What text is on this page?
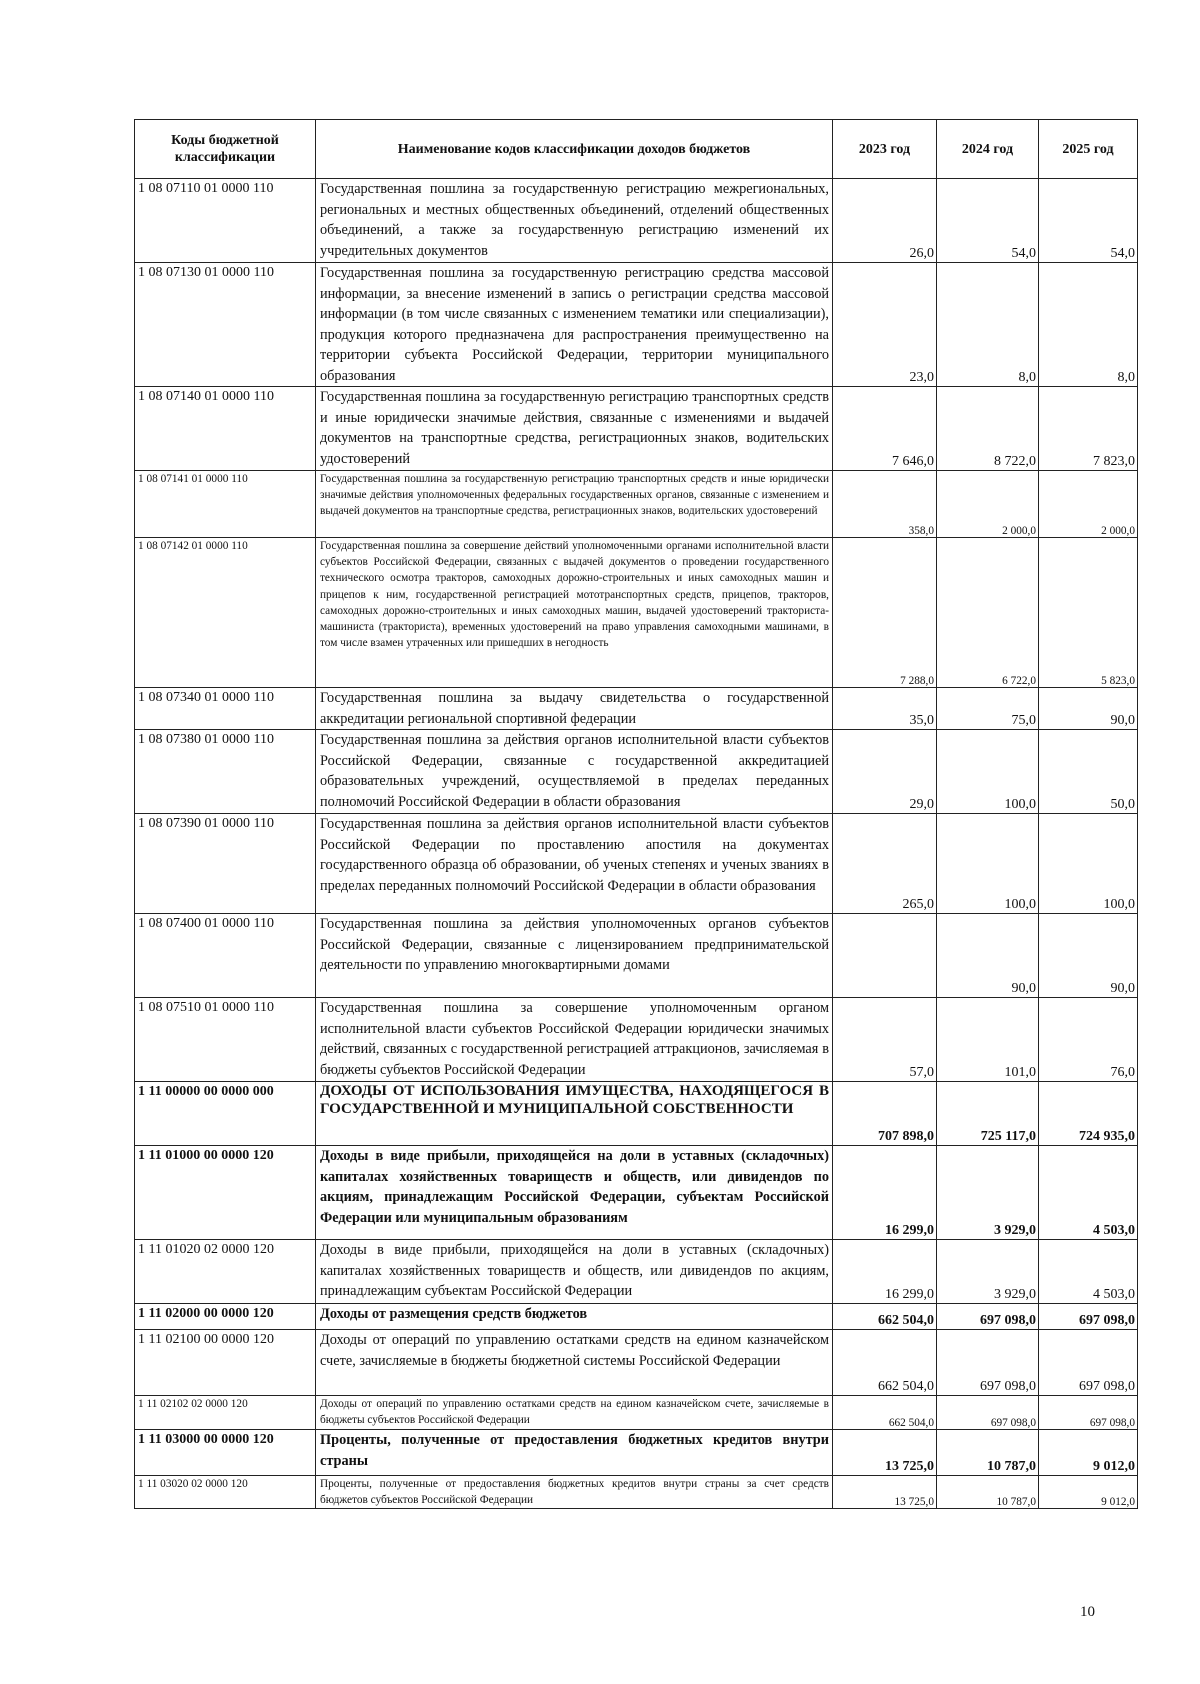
Коды бюджетной классификации	Наименование кодов классификации доходов бюджетов	2023 год	2024 год	2025 год
1 08 07110 01 0000 110	Государственная пошлина за государственную регистрацию межрегиональных, региональных и местных общественных объединений, отделений общественных объединений, а также за государственную регистрацию изменений их учредительных документов	26,0	54,0	54,0
1 08 07130 01 0000 110	Государственная пошлина за государственную регистрацию средства массовой информации, за внесение изменений в запись о регистрации средства массовой информации (в том числе связанных с изменением тематики или специализации), продукция которого предназначена для распространения преимущественно на территории субъекта Российской Федерации, территории муниципального образования	23,0	8,0	8,0
1 08 07140 01 0000 110	Государственная пошлина за государственную регистрацию транспортных средств и иные юридически значимые действия, связанные с изменениями и выдачей документов на транспортные средства, регистрационных знаков, водительских удостоверений	7 646,0	8 722,0	7 823,0
1 08 07141 01 0000 110	Государственная пошлина за государственную регистрацию транспортных средств и иные юридически значимые действия уполномоченных федеральных государственных органов, связанные с изменением и выдачей документов на транспортные средства, регистрационных знаков, водительских удостоверений	358,0	2 000,0	2 000,0
1 08 07142 01 0000 110	Государственная пошлина за совершение действий уполномоченными органами исполнительной власти субъектов Российской Федерации, связанных с выдачей документов о проведении государственного технического осмотра тракторов, самоходных дорожно-строительных и иных самоходных машин и прицепов к ним, государственной регистрацией мототранспортных средств, прицепов, тракторов, самоходных дорожно-строительных и иных самоходных машин, выдачей удостоверений тракториста-машиниста (тракториста), временных удостоверений на право управления самоходными машинами, в том числе взамен утраченных или пришедших в негодность	7 288,0	6 722,0	5 823,0
1 08 07340 01 0000 110	Государственная пошлина за выдачу свидетельства о государственной аккредитации региональной спортивной федерации	35,0	75,0	90,0
1 08 07380 01 0000 110	Государственная пошлина за действия органов исполнительной власти субъектов Российской Федерации, связанные с государственной аккредитацией образовательных учреждений, осуществляемой в пределах переданных полномочий Российской Федерации в области образования	29,0	100,0	50,0
1 08 07390 01 0000 110	Государственная пошлина за действия органов исполнительной власти субъектов Российской Федерации по проставлению апостиля на документах государственного образца об образовании, об ученых степенях и ученых званиях в пределах переданных полномочий Российской Федерации в области образования	265,0	100,0	100,0
1 08 07400 01 0000 110	Государственная пошлина за действия уполномоченных органов субъектов Российской Федерации, связанные с лицензированием предпринимательской деятельности по управлению многоквартирными домами		90,0	90,0
1 08 07510 01 0000 110	Государственная пошлина за совершение уполномоченным органом исполнительной власти субъектов Российской Федерации юридически значимых действий, связанных с государственной регистрацией аттракционов, зачисляемая в бюджеты субъектов Российской Федерации	57,0	101,0	76,0
1 11 00000 00 0000 000	ДОХОДЫ ОТ ИСПОЛЬЗОВАНИЯ ИМУЩЕСТВА, НАХОДЯЩЕГОСЯ В ГОСУДАРСТВЕННОЙ И МУНИЦИПАЛЬНОЙ СОБСТВЕННОСТИ	707 898,0	725 117,0	724 935,0
1 11 01000 00 0000 120	Доходы в виде прибыли, приходящейся на доли в уставных (складочных) капиталах хозяйственных товариществ и обществ, или дивидендов по акциям, принадлежащим Российской Федерации, субъектам Российской Федерации или муниципальным образованиям	16 299,0	3 929,0	4 503,0
1 11 01020 02 0000 120	Доходы в виде прибыли, приходящейся на доли в уставных (складочных) капиталах хозяйственных товариществ и обществ, или дивидендов по акциям, принадлежащим субъектам Российской Федерации	16 299,0	3 929,0	4 503,0
1 11 02000 00 0000 120	Доходы от размещения средств бюджетов	662 504,0	697 098,0	697 098,0
1 11 02100 00 0000 120	Доходы от операций по управлению остатками средств на едином казначейском счете, зачисляемые в бюджеты бюджетной системы Российской Федерации	662 504,0	697 098,0	697 098,0
1 11 02102 02 0000 120	Доходы от операций по управлению остатками средств на едином казначейском счете, зачисляемые в бюджеты субъектов Российской Федерации	662 504,0	697 098,0	697 098,0
1 11 03000 00 0000 120	Проценты, полученные от предоставления бюджетных кредитов внутри страны	13 725,0	10 787,0	9 012,0
1 11 03020 02 0000 120	Проценты, полученные от предоставления бюджетных кредитов внутри страны за счет средств бюджетов субъектов Российской Федерации	13 725,0	10 787,0	9 012,0
10
